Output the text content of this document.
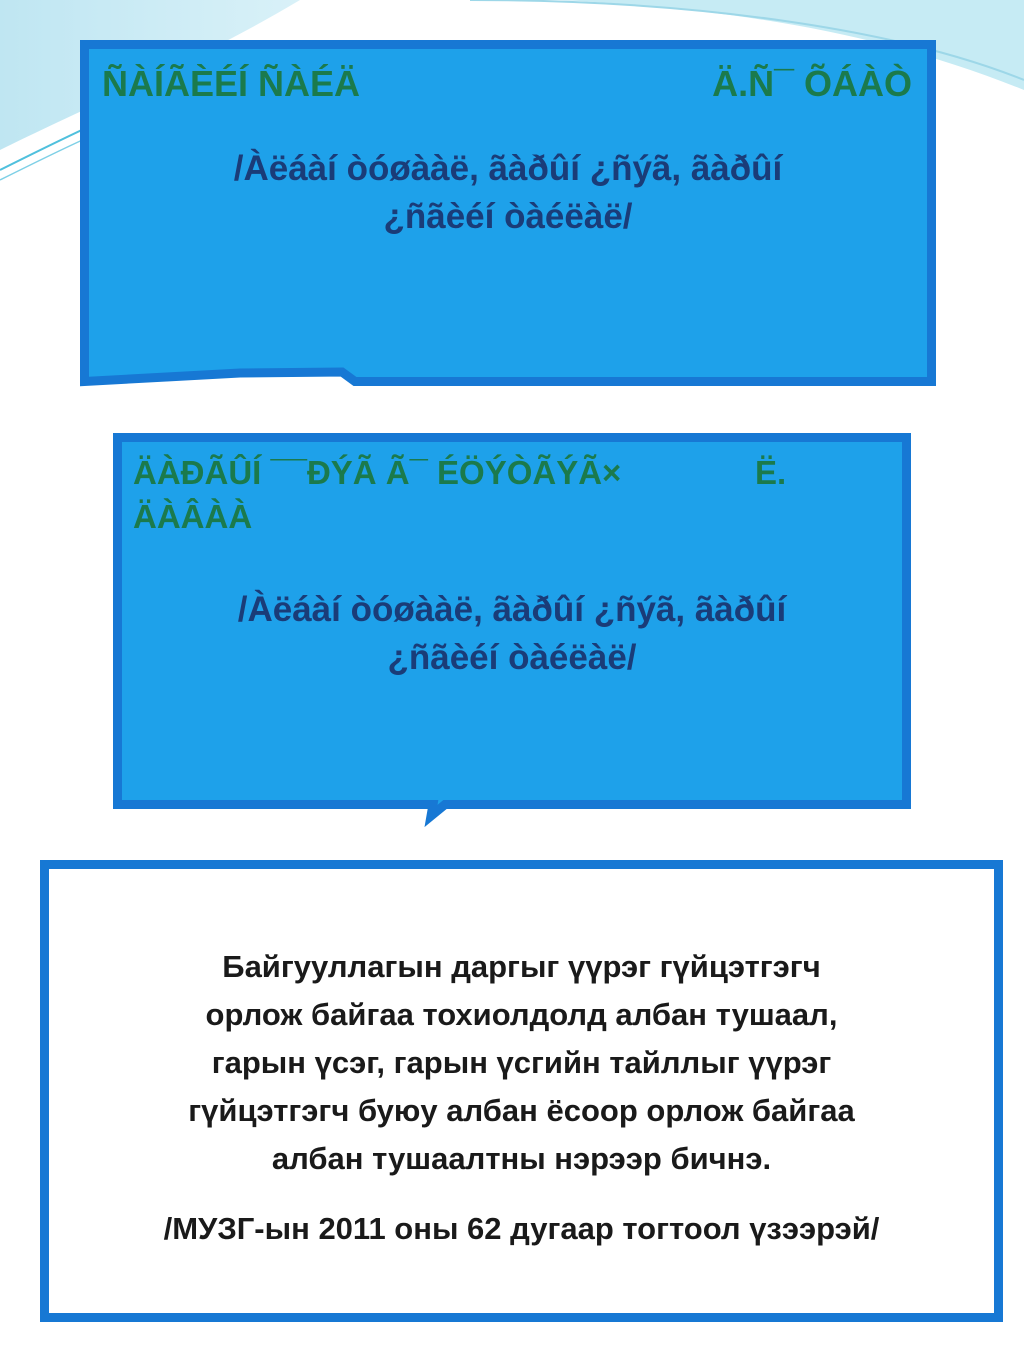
ÑÀÍÃÈÉÍ ÑÀÉÄ	Ä.Ñ¯ ÕÁÀÒ
/Àëáàí òóøààë, ãàðûí ¿ñýã, ãàðûí
¿ñãèéí òàéëàë/
ÄÀÐÃÛÍ ¯¯ÐÝÃ Ã¯ ÉÖÝÒÃÝÃ×	Ë.
ÄÀÂÀÀ
/Àëáàí òóøààë, ãàðûí ¿ñýã, ãàðûí
¿ñãèéí òàéëàë/
Байгууллагын даргыг үүрэг гүйцэтгэгч
орлож байгаа тохиолдолд албан тушаал,
гарын үсэг, гарын үсгийн тайллыг үүрэг
гүйцэтгэгч буюу албан ёсоор орлож байгаа
албан тушаалтны нэрээр бичнэ.
/МУЗГ-ын 2011 оны 62 дугаар тогтоол үзээрэй/
